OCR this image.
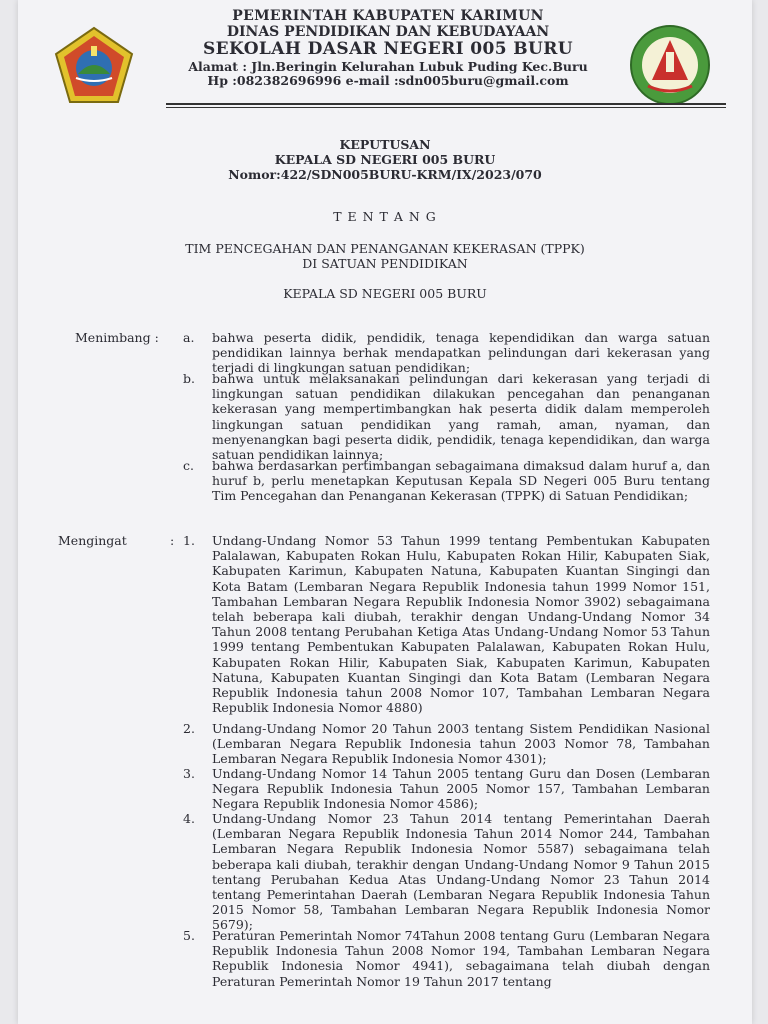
PEMERINTAH KABUPATEN KARIMUN
DINAS PENDIDIKAN DAN KEBUDAYAAN
SEKOLAH DASAR NEGERI 005 BURU
Alamat : Jln.Beringin Kelurahan Lubuk Puding Kec.Buru
Hp :082382696996 e-mail :sdn005buru@gmail.com
KEPUTUSAN
KEPALA SD NEGERI 005 BURU
Nomor:422/SDN005BURU-KRM/IX/2023/070
T E N T A N G
TIM PENCEGAHAN DAN PENANGANAN KEKERASAN (TPPK)
DI SATUAN PENDIDIKAN
KEPALA SD NEGERI 005 BURU
Menimbang : a. bahwa peserta didik, pendidik, tenaga kependidikan dan warga satuan pendidikan lainnya berhak mendapatkan pelindungan dari kekerasan yang terjadi di lingkungan satuan pendidikan;

b. bahwa untuk melaksanakan pelindungan dari kekerasan yang terjadi di lingkungan satuan pendidikan dilakukan pencegahan dan penanganan kekerasan yang mempertimbangkan hak peserta didik dalam memperoleh lingkungan satuan pendidikan yang ramah, aman, nyaman, dan menyenangkan bagi peserta didik, pendidik, tenaga kependidikan, dan warga satuan pendidikan lainnya;

c. bahwa berdasarkan pertimbangan sebagaimana dimaksud dalam huruf a, dan huruf b, perlu menetapkan Keputusan Kepala SD Negeri 005 Buru tentang Tim Pencegahan dan Penanganan Kekerasan (TPPK) di Satuan Pendidikan;

Mengingat	: 1. Undang-Undang Nomor 53 Tahun 1999 tentang Pembentukan Kabupaten Palalawan, Kabupaten Rokan Hulu, Kabupaten Rokan Hilir, Kabupaten Siak, Kabupaten Karimun, Kabupaten Natuna, Kabupaten Kuantan Singingi dan Kota Batam (Lembaran Negara Republik Indonesia tahun 1999 Nomor 151, Tambahan Lembaran Negara Republik Indonesia Nomor 3902) sebagaimana telah beberapa kali diubah, terakhir dengan Undang-Undang Nomor 34 Tahun 2008 tentang Perubahan Ketiga Atas Undang-Undang Nomor 53 Tahun 1999 tentang Pembentukan Kabupaten Palalawan, Kabupaten Rokan Hulu, Kabupaten Rokan Hilir, Kabupaten Siak, Kabupaten Karimun, Kabupaten Natuna, Kabupaten Kuantan Singingi dan Kota Batam (Lembaran Negara Republik Indonesia tahun 2008 Nomor 107, Tambahan Lembaran Negara Republik Indonesia Nomor 4880)

2. Undang-Undang Nomor 20 Tahun 2003 tentang Sistem Pendidikan Nasional (Lembaran Negara Republik Indonesia tahun 2003 Nomor 78, Tambahan Lembaran Negara Republik Indonesia Nomor 4301);

3. Undang-Undang Nomor 14 Tahun 2005 tentang Guru dan Dosen (Lembaran Negara Republik Indonesia Tahun 2005 Nomor 157, Tambahan Lembaran Negara Republik Indonesia Nomor 4586);

4. Undang-Undang Nomor 23 Tahun 2014 tentang Pemerintahan Daerah (Lembaran Negara Republik Indonesia Tahun 2014 Nomor 244, Tambahan Lembaran Negara Republik Indonesia Nomor 5587) sebagaimana telah beberapa kali diubah, terakhir dengan Undang-Undang Nomor 9 Tahun 2015 tentang Perubahan Kedua Atas Undang-Undang Nomor 23 Tahun 2014 tentang Pemerintahan Daerah (Lembaran Negara Republik Indonesia Tahun 2015 Nomor 58, Tambahan Lembaran Negara Republik Indonesia Nomor 5679);

5. Peraturan Pemerintah Nomor 74Tahun 2008 tentang Guru (Lembaran Negara Republik Indonesia Tahun 2008 Nomor 194, Tambahan Lembaran Negara Republik Indonesia Nomor 4941), sebagaimana telah diubah dengan Peraturan Pemerintah Nomor 19 Tahun 2017 tentang
